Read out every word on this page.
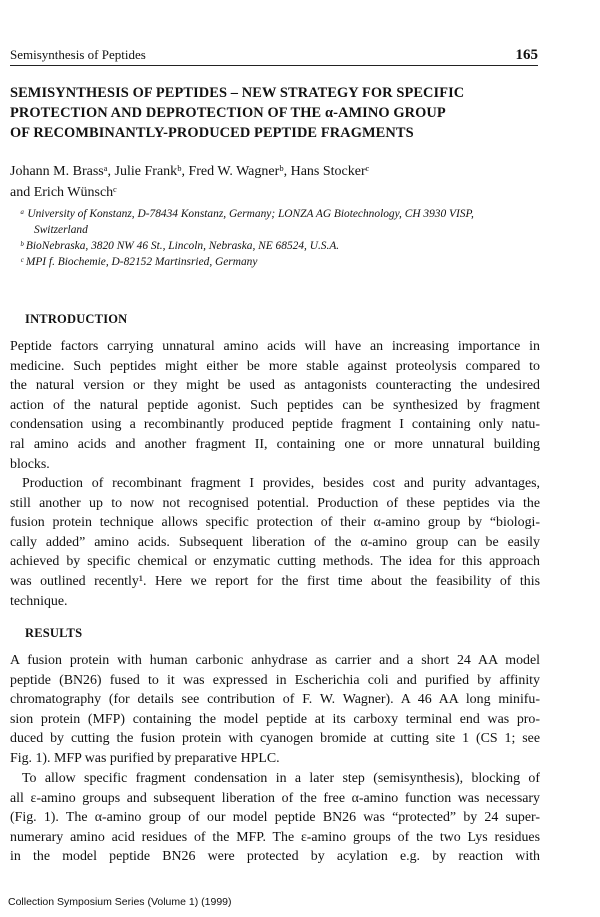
Semisynthesis of Peptides	165
SEMISYNTHESIS OF PEPTIDES – NEW STRATEGY FOR SPECIFIC
PROTECTION AND DEPROTECTION OF THE α-AMINO GROUP
OF RECOMBINANTLY-PRODUCED PEPTIDE FRAGMENTS
Johann M. Brassᵃ, Julie Frankᵇ, Fred W. Wagnerᵇ, Hans Stockerᶜ
and Erich Wünschᶜ
ᵃ University of Konstanz, D-78434 Konstanz, Germany; LONZA AG Biotechnology, CH 3930 VISP,
Switzerland
ᵇ BioNebraska, 3820 NW 46 St., Lincoln, Nebraska, NE 68524, U.S.A.
ᶜ MPI f. Biochemie, D-82152 Martinsried, Germany
INTRODUCTION

Peptide factors carrying unnatural amino acids will have an increasing importance in
medicine. Such peptides might either be more stable against proteolysis compared to
the natural version or they might be used as antagonists counteracting the undesired
action of the natural peptide agonist. Such peptides can be synthesized by fragment
condensation using a recombinantly produced peptide fragment I containing only natu-
ral amino acids and another fragment II, containing one or more unnatural building
blocks.

Production of recombinant fragment I provides, besides cost and purity advantages,
still another up to now not recognised potential. Production of these peptides via the
fusion protein technique allows specific protection of their α-amino group by “biologi-
cally added” amino acids. Subsequent liberation of the α-amino group can be easily
achieved by specific chemical or enzymatic cutting methods. The idea for this approach
was outlined recently¹. Here we report for the first time about the feasibility of this
technique.

RESULTS

A fusion protein with human carbonic anhydrase as carrier and a short 24 AA model
peptide (BN26) fused to it was expressed in Escherichia coli and purified by affinity
chromatography (for details see contribution of F. W. Wagner). A 46 AA long minifu-
sion protein (MFP) containing the model peptide at its carboxy terminal end was pro-
duced by cutting the fusion protein with cyanogen bromide at cutting site 1 (CS 1; see
Fig. 1). MFP was purified by preparative HPLC.

To allow specific fragment condensation in a later step (semisynthesis), blocking of
all ε-amino groups and subsequent liberation of the free α-amino function was necessary
(Fig. 1). The α-amino group of our model peptide BN26 was “protected” by 24 super-
numerary amino acid residues of the MFP. The ε-amino groups of the two Lys residues
in the model peptide BN26 were protected by acylation e.g. by reaction with

Collection Symposium Series (Volume 1) (1999)
